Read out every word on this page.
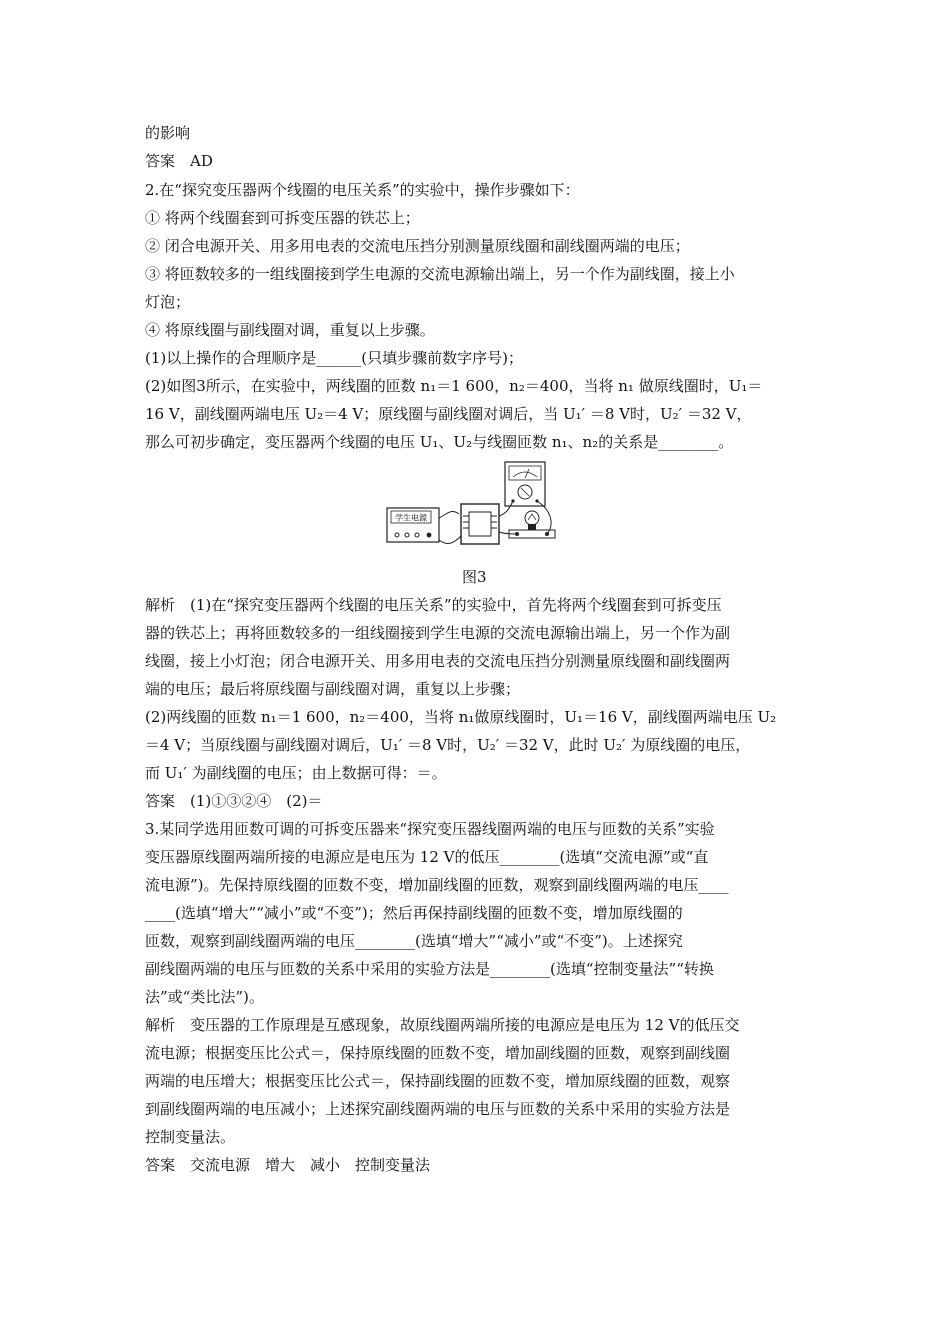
的影响
答案　AD
2.在“探究变压器两个线圈的电压关系”的实验中，操作步骤如下：
① 将两个线圈套到可拆变压器的铁芯上；
② 闭合电源开关、用多用电表的交流电压挡分别测量原线圈和副线圈两端的电压；
③ 将匝数较多的一组线圈接到学生电源的交流电源输出端上，另一个作为副线圈，接上小
灯泡；
④ 将原线圈与副线圈对调，重复以上步骤。
(1)以上操作的合理顺序是______(只填步骤前数字序号)；
(2)如图3所示，在实验中，两线圈的匝数 n₁＝1 600，n₂＝400，当将 n₁ 做原线圈时，U₁＝
16 V，副线圈两端电压 U₂＝4 V；原线圈与副线圈对调后，当 U₁′ ＝8 V时，U₂′ ＝32 V，
那么可初步确定，变压器两个线圈的电压 U₁、U₂与线圈匝数 n₁、n₂的关系是________。
学生电源
图3
解析　(1)在“探究变压器两个线圈的电压关系”的实验中，首先将两个线圈套到可拆变压
器的铁芯上；再将匝数较多的一组线圈接到学生电源的交流电源输出端上，另一个作为副
线圈，接上小灯泡；闭合电源开关、用多用电表的交流电压挡分别测量原线圈和副线圈两
端的电压；最后将原线圈与副线圈对调，重复以上步骤；
(2)两线圈的匝数 n₁＝1 600，n₂＝400，当将 n₁做原线圈时，U₁＝16 V，副线圈两端电压 U₂
＝4 V；当原线圈与副线圈对调后，U₁′ ＝8 V时，U₂′ ＝32 V，此时 U₂′ 为原线圈的电压，
而 U₁′ 为副线圈的电压；由上数据可得：＝。
答案　(1)①③②④　(2)＝
3.某同学选用匝数可调的可拆变压器来“探究变压器线圈两端的电压与匝数的关系”实验
变压器原线圈两端所接的电源应是电压为 12 V的低压________(选填“交流电源”或“直
流电源”)。先保持原线圈的匝数不变，增加副线圈的匝数，观察到副线圈两端的电压____
____(选填“增大”“减小”或“不变”)；然后再保持副线圈的匝数不变，增加原线圈的
匝数，观察到副线圈两端的电压________(选填“增大”“减小”或“不变”)。上述探究
副线圈两端的电压与匝数的关系中采用的实验方法是________(选填“控制变量法”“转换
法”或“类比法”)。
解析　变压器的工作原理是互感现象，故原线圈两端所接的电源应是电压为 12 V的低压交
流电源；根据变压比公式＝，保持原线圈的匝数不变，增加副线圈的匝数，观察到副线圈
两端的电压增大；根据变压比公式＝，保持副线圈的匝数不变，增加原线圈的匝数，观察
到副线圈两端的电压减小；上述探究副线圈两端的电压与匝数的关系中采用的实验方法是
控制变量法。
答案　交流电源　增大　减小　控制变量法
